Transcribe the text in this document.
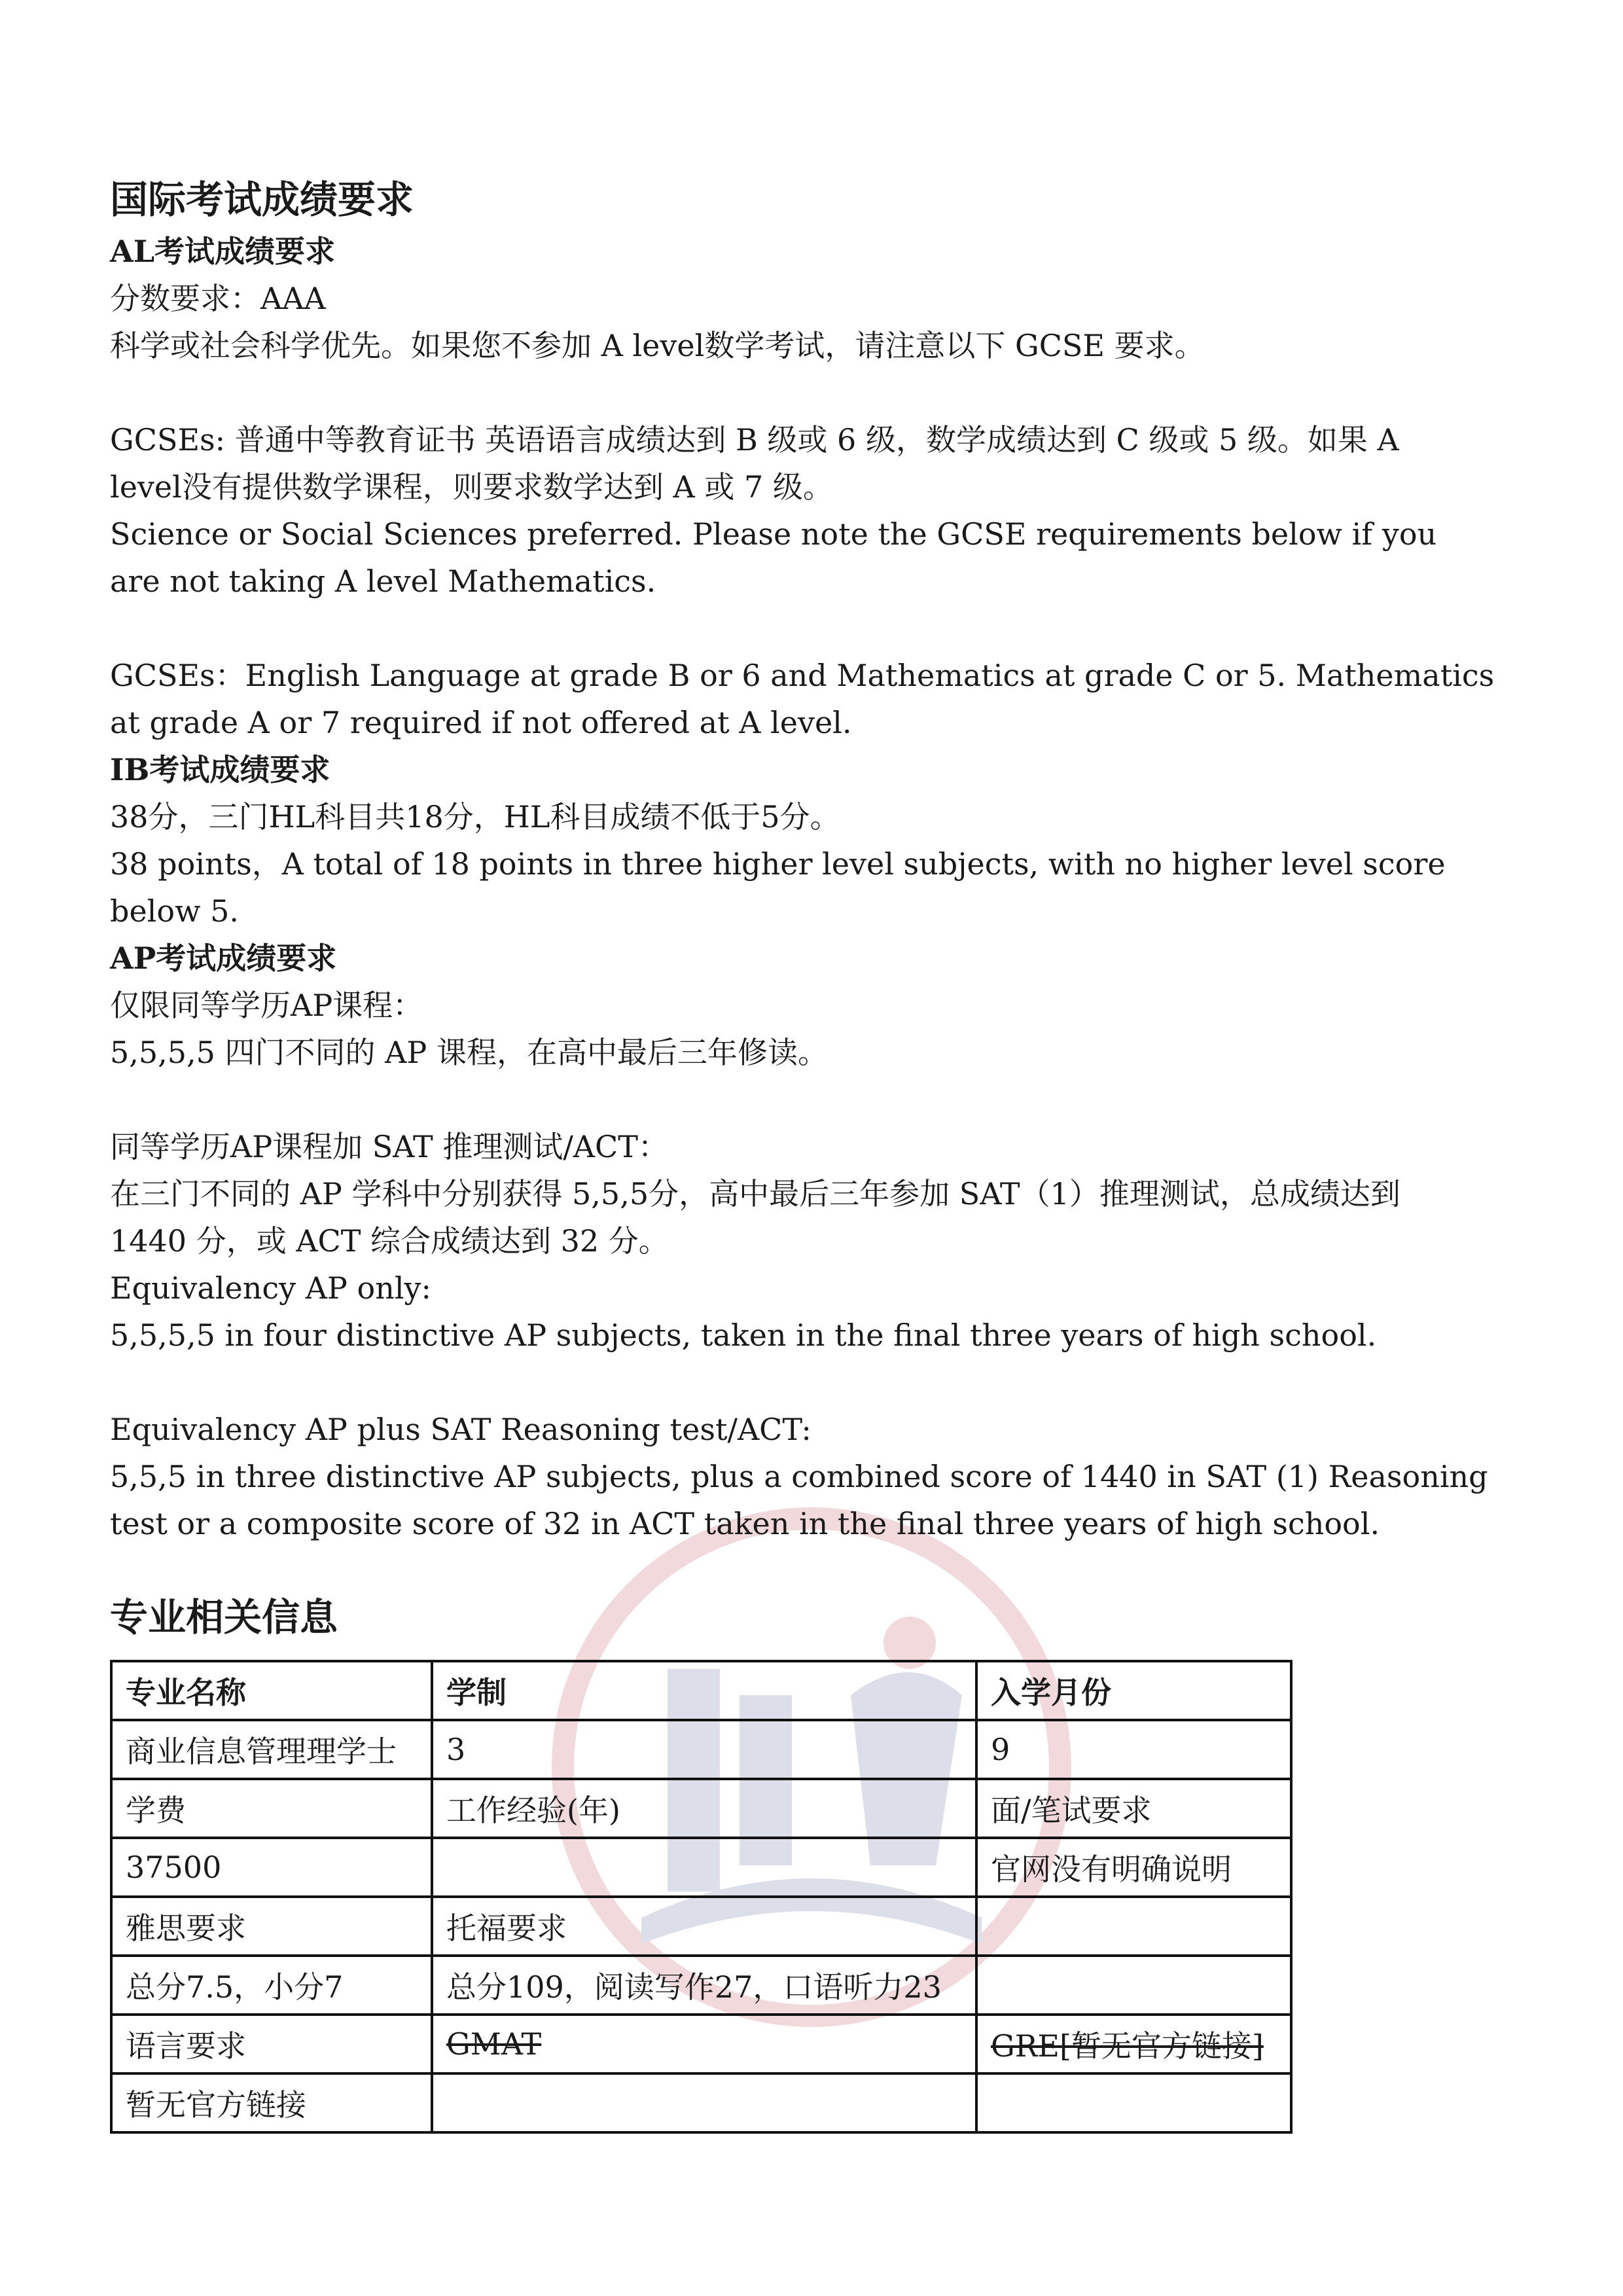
国际考试成绩要求
AL考试成绩要求

分数要求：AAA

科学或社会科学优先。如果您不参加 A level数学考试，请注意以下 GCSE 要求。

GCSEs: 普通中等教育证书 英语语言成绩达到 B 级或 6 级，数学成绩达到 C 级或 5 级。如果 A

level没有提供数学课程，则要求数学达到 A 或 7 级。

Science or Social Sciences preferred. Please note the GCSE requirements below if you

are not taking A level Mathematics.

GCSEs：English Language at grade B or 6 and Mathematics at grade C or 5. Mathematics

at grade A or 7 required if not offered at A level.

IB考试成绩要求

38分，三门HL科目共18分，HL科目成绩不低于5分。

38 points，A total of 18 points in three higher level subjects, with no higher level score

below 5.

AP考试成绩要求

仅限同等学历AP课程：

5,5,5,5 四门不同的 AP 课程，在高中最后三年修读。

同等学历AP课程加 SAT 推理测试/ACT：

在三门不同的 AP 学科中分别获得 5,5,5分，高中最后三年参加 SAT（1）推理测试，总成绩达到

1440 分，或 ACT 综合成绩达到 32 分。

Equivalency AP only:

5,5,5,5 in four distinctive AP subjects, taken in the final three years of high school.

Equivalency AP plus SAT Reasoning test/ACT:

5,5,5 in three distinctive AP subjects, plus a combined score of 1440 in SAT (1) Reasoning

test or a composite score of 32 in ACT taken in the final three years of high school.

专业相关信息
专业名称	学制	入学月份
商业信息管理理学士	3	9
学费	工作经验(年)	面/笔试要求
37500		官网没有明确说明
雅思要求	托福要求	
总分7.5，小分7	总分109，阅读写作27，口语听力23	
语言要求	GMAT	GRE[暂无官方链接]
暂无官方链接		
